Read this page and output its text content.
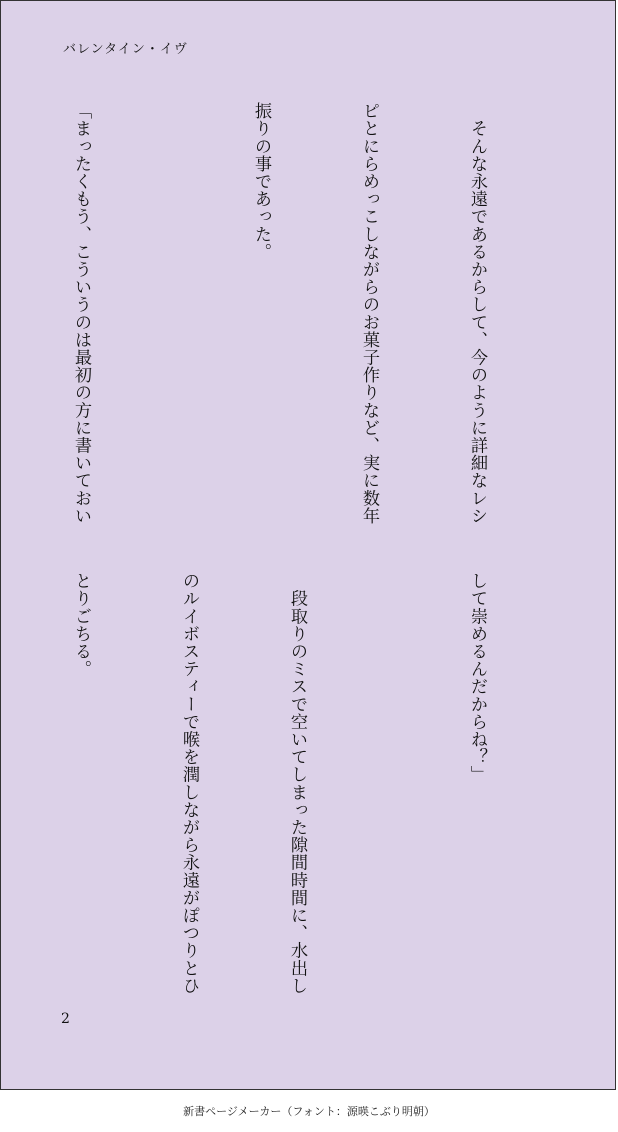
バレンタイン・イヴ

　そんな永遠であるからして、今のように詳細なレシ

ピとにらめっこしながらのお菓子作りなど、実に数年

振りの事であった。

「まったくもう、こういうのは最初の方に書いておい

して崇めるんだからね？」

　段取りのミスで空いてしまった隙間時間に、水出し

のルイボスティーで喉を潤しながら永遠がぽつりとひ

とりごちる。

2
新書ページメーカー（フォント：源暎こぶり明朝）
